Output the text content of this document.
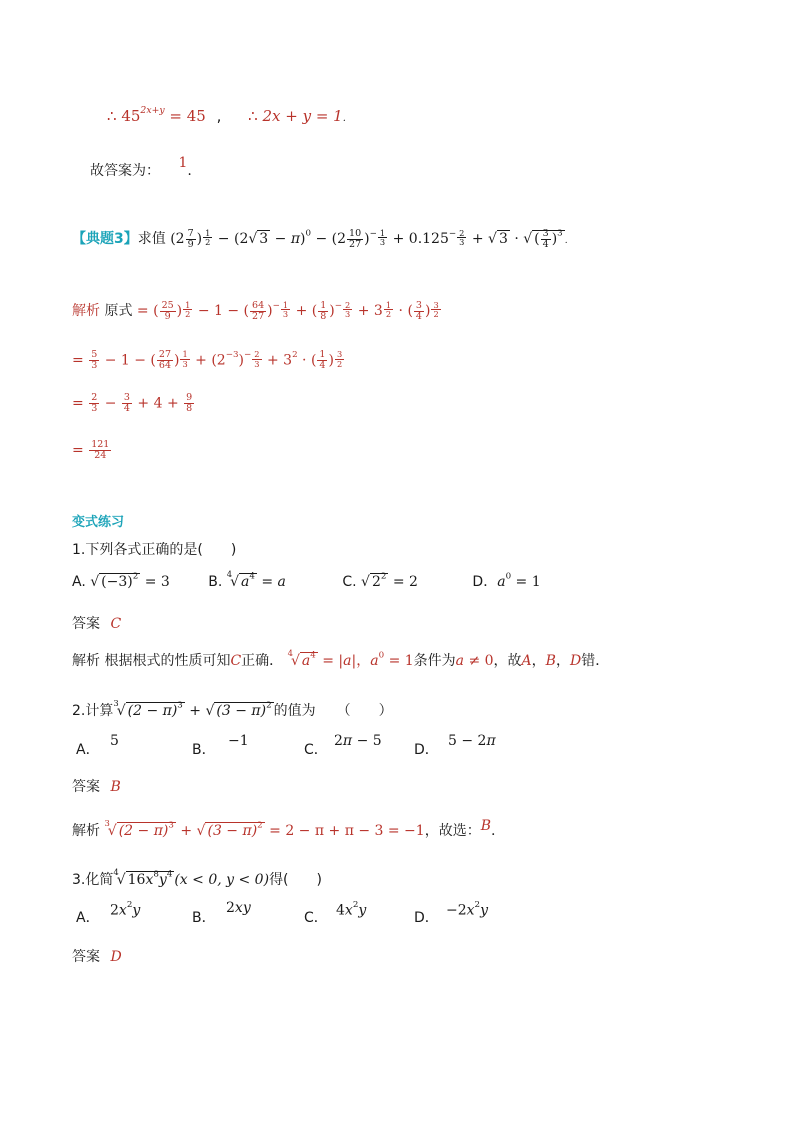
∴ $45^{2x+y} = 45$ , ∴ 2x + y = 1.
故答案为： 1.
【典题3】求值 ($2 \frac{7}{9}$ ) $^{\frac{1}{2}}$ − (2√ $3 - \pi)^0 - (2 \frac{10}{27} )^{- \frac{1}{3}} + 0.125^{- \frac{2}{3}}$ + √ 3 · √ ( $\frac{3}{4} )^3$.
解析 原式 = ( $\frac{25}{9}$ ) $^{\frac{1}{2}}$ − 1 − ( $\frac{64}{27} )^{- \frac{1}{3}}$ + ( $\frac{1}{8} )^{- \frac{2}{3}} + 3$ $^{\frac{1}{2}}$ · ( $\frac{3}{4}$ ) $^{\frac{3}{2}}$
= $\frac{5}{3} - 1$ − ( $\frac{27}{64}$ ) $^{\frac{1}{3}} + (2^{-3})^{- \frac{2}{3}} + 3^2$ · ( $\frac{1}{4}$ ) $^{\frac{3}{2}}$
= $\frac{2}{3} - \frac{3}{4} + 4 + \frac{9}{8}$
= $\frac{121}{24}$
变式练习
1.下列各式正确的是(　　)
A. √ $(-3)^2 = 3$	B. $^4$√ $a^4 = a$	C. √ $2^2 = 2$	D．$a^0 = 1$
答案 C
解析 根据根式的性质可知C正确． $^4$√ $a^4 = |a|$，$a^0 = 1$条件为a ≠ 0，故A，B，D错．
2.计算$^3$√ $(2 - \pi)^3$ + √ $(3 - \pi)^2$ 的值为　　（　　）
A．
5
B．
−1
C．
2π − 5
D．
5 − 2π
答案 B
解析 $^3$√ $(2 - \pi)^3$ + √ $(3 - \pi)^2 = 2 - \pi + \pi - 3 = -1$，故选：B.
3.化简$^4$√ $16x^8y^4$ (x < 0, y < 0)得(　　)
A． $2x^2y$	B．
2xy
C． $4x^2y$	D． $-2x^2y$
答案 D
